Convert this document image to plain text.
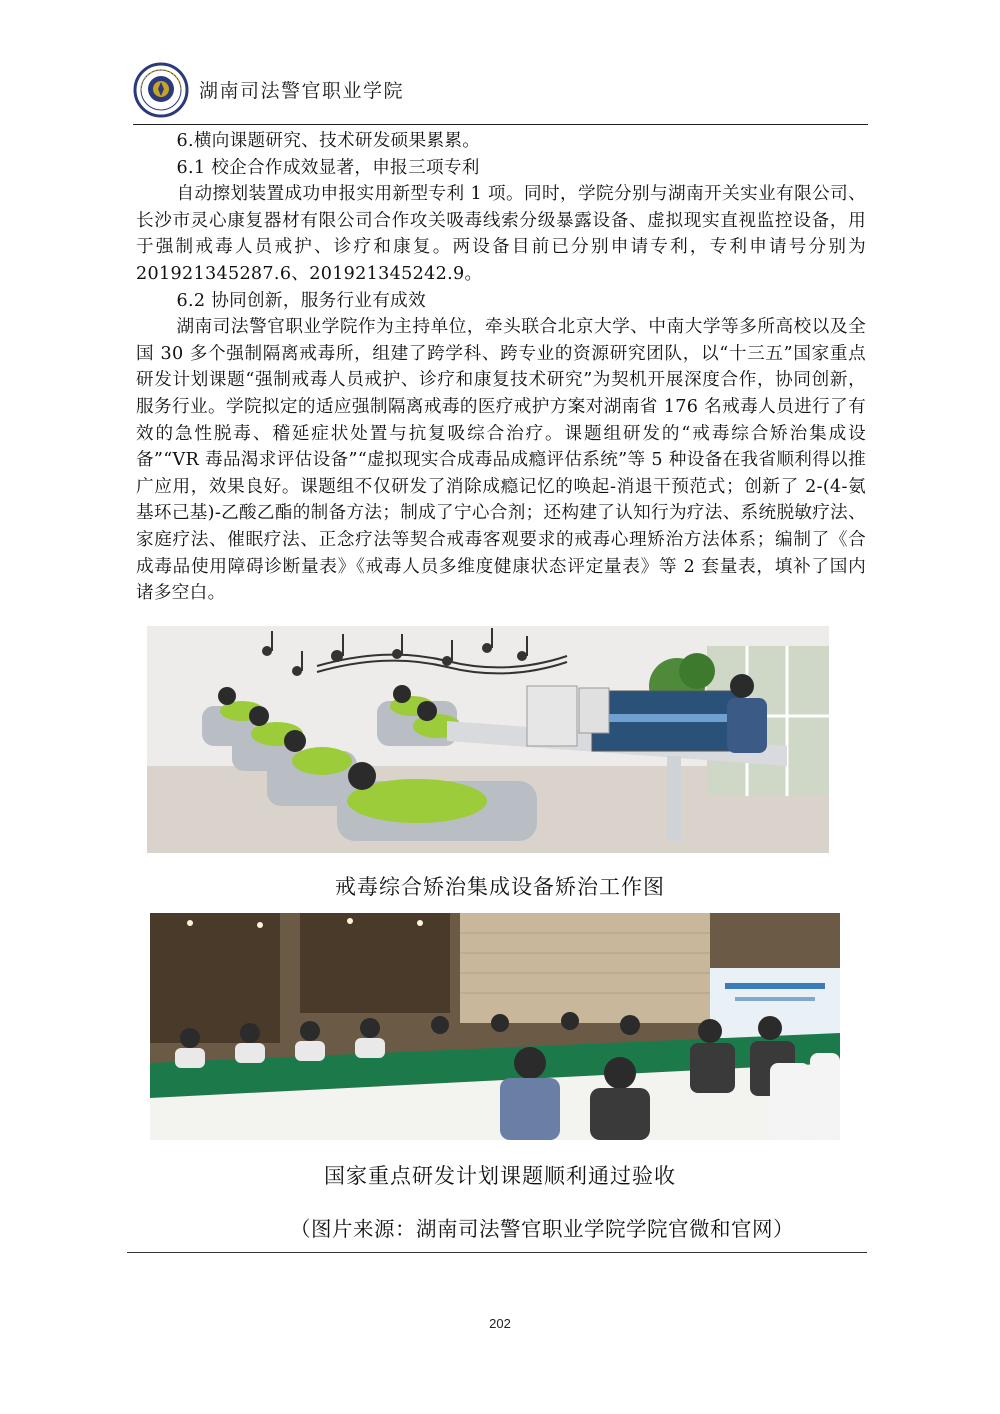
湖南司法警官职业学院

6.横向课题研究、技术研发硕果累累。

6.1 校企合作成效显著，申报三项专利

自动擦划装置成功申报实用新型专利 1 项。同时，学院分别与湖南开关实业有限公司、长沙市灵心康复器材有限公司合作攻关吸毒线索分级暴露设备、虚拟现实直视监控设备，用于强制戒毒人员戒护、诊疗和康复。两设备目前已分别申请专利，专利申请号分别为 201921345287.6、201921345242.9。

6.2 协同创新，服务行业有成效

湖南司法警官职业学院作为主持单位，牵头联合北京大学、中南大学等多所高校以及全国 30 多个强制隔离戒毒所，组建了跨学科、跨专业的资源研究团队，以“十三五”国家重点研发计划课题“强制戒毒人员戒护、诊疗和康复技术研究”为契机开展深度合作，协同创新，服务行业。学院拟定的适应强制隔离戒毒的医疗戒护方案对湖南省 176 名戒毒人员进行了有效的急性脱毒、稽延症状处置与抗复吸综合治疗。课题组研发的“戒毒综合矫治集成设备”“VR 毒品渴求评估设备”“虚拟现实合成毒品成瘾评估系统”等 5 种设备在我省顺利得以推广应用，效果良好。课题组不仅研发了消除成瘾记忆的唤起-消退干预范式；创新了 2-(4-氨基环己基)-乙酸乙酯的制备方法；制成了宁心合剂；还构建了认知行为疗法、系统脱敏疗法、家庭疗法、催眠疗法、正念疗法等契合戒毒客观要求的戒毒心理矫治方法体系；编制了《合成毒品使用障碍诊断量表》《戒毒人员多维度健康状态评定量表》等 2 套量表，填补了国内诸多空白。

戒毒综合矫治集成设备矫治工作图
国家重点研发计划课题顺利通过验收
（图片来源：湖南司法警官职业学院学院官微和官网）
202
